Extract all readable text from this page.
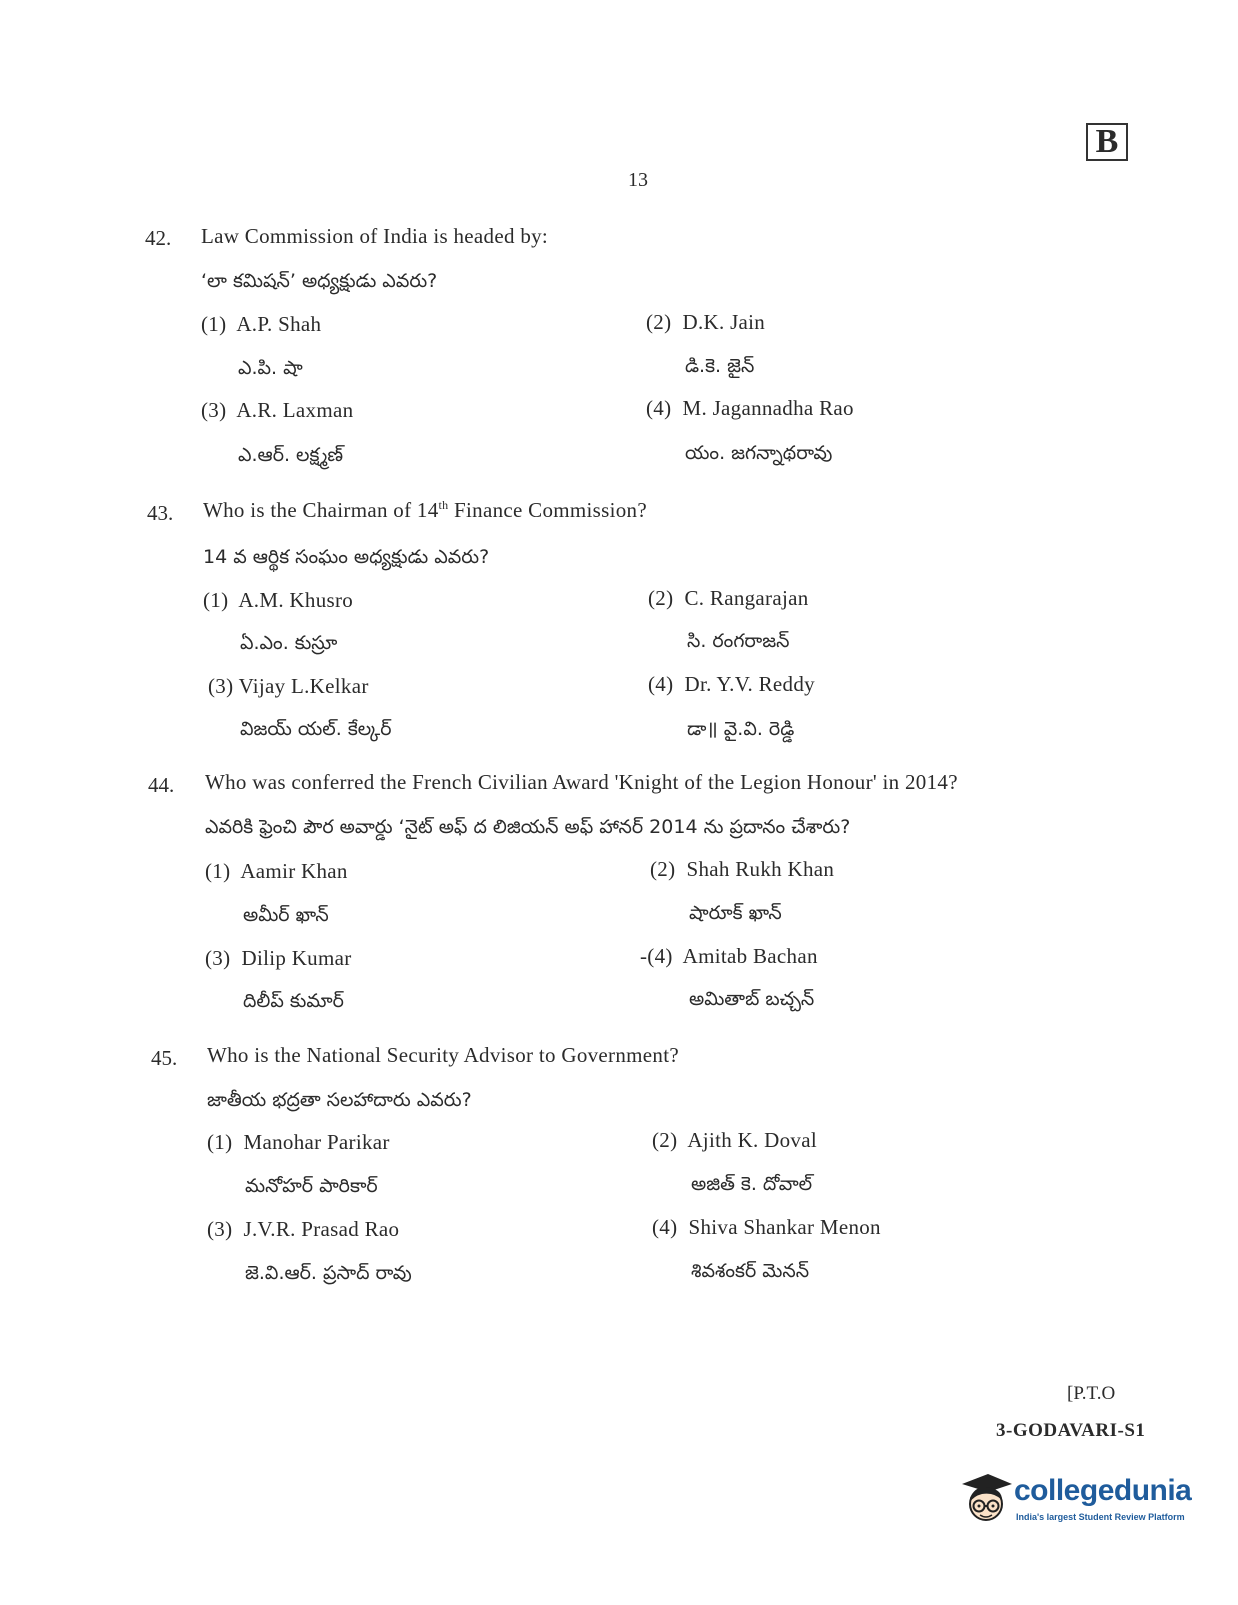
B
13
42. Law Commission of India is headed by:
‘లా కమిషన్’ అధ్యక్షుడు ఎవరు?
(1) A.P. Shah
ఎ.పి. షా
(2) D.K. Jain
డి.కె. జైన్
(3) A.R. Laxman
ఎ.ఆర్. లక్ష్మణ్
(4) M. Jagannadha Rao
యం. జగన్నాథరావు
43. Who is the Chairman of 14th Finance Commission?
14 వ ఆర్థిక సంఘం అధ్యక్షుడు ఎవరు?
(1) A.M. Khusro
ఏ.ఎం. కుస్రూ
(2) C. Rangarajan
సి. రంగరాజన్
(3) Vijay L.Kelkar
విజయ్ యల్. కేల్కర్
(4) Dr. Y.V. Reddy
డా॥ వై.వి. రెడ్డి
44. Who was conferred the French Civilian Award 'Knight of the Legion Honour' in 2014?
ఎవరికి ఫ్రెంచి పౌర అవార్డు ‘నైట్ అఫ్ ద లిజియన్ అఫ్ హానర్ 2014 ను ప్రదానం చేశారు?
(1) Aamir Khan
అమీర్ ఖాన్
(2) Shah Rukh Khan
షారూక్ ఖాన్
(3) Dilip Kumar
దిలీప్ కుమార్
-(4) Amitab Bachan
అమితాబ్ బచ్చన్
45. Who is the National Security Advisor to Government?
జాతీయ భద్రతా సలహాదారు ఎవరు?
(1) Manohar Parikar
మనోహర్ పారికార్
(2) Ajith K. Doval
అజిత్ కె. దోవాల్
(3) J.V.R. Prasad Rao
జె.వి.ఆర్. ప్రసాద్ రావు
(4) Shiva Shankar Menon
శివశంకర్ మెనన్
[P.T.O
3-GODAVARI-S1
collegedunia
India's largest Student Review Platform
